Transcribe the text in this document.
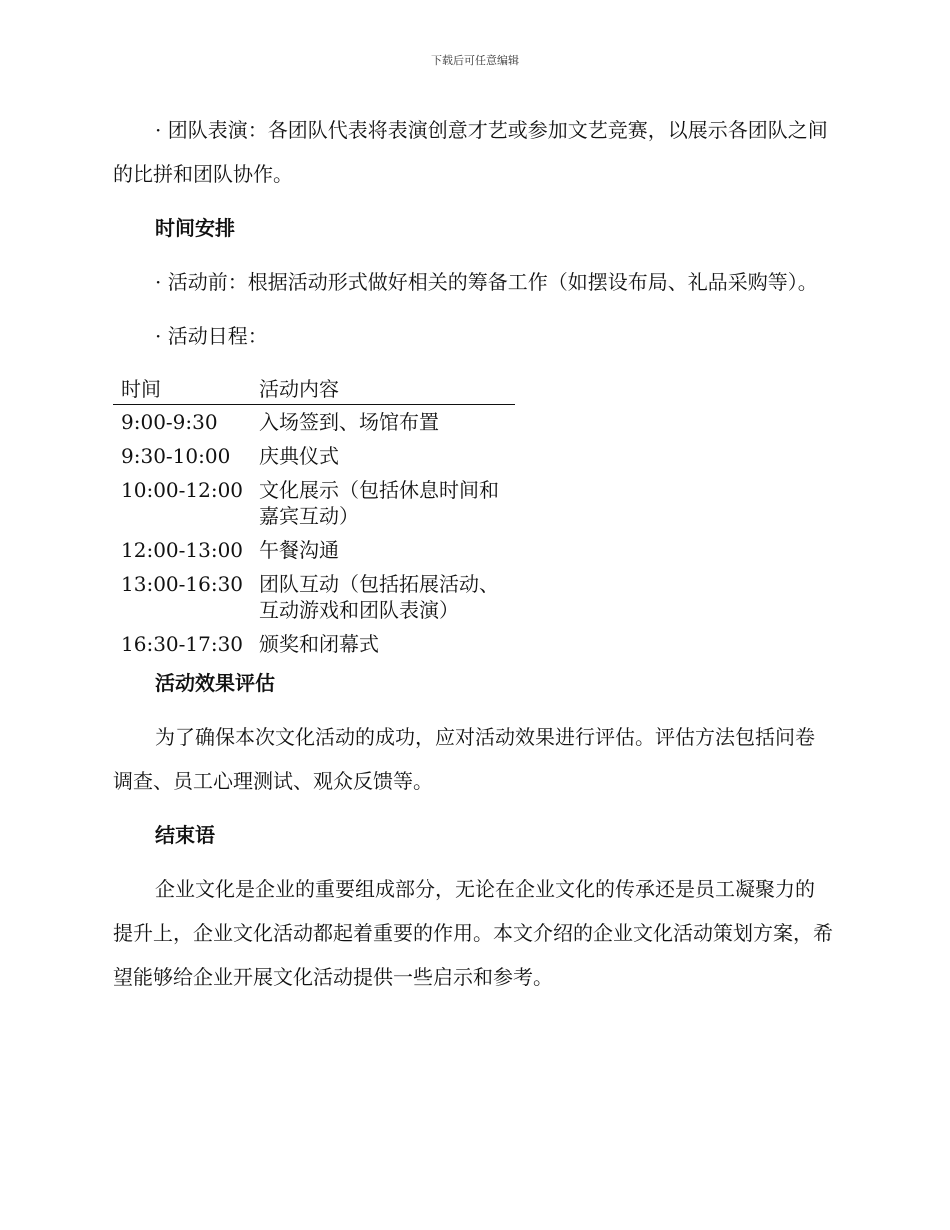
下载后可任意编辑

· 团队表演：各团队代表将表演创意才艺或参加文艺竞赛，以展示各团队之间的比拼和团队协作。

时间安排

· 活动前：根据活动形式做好相关的筹备工作（如摆设布局、礼品采购等）。

· 活动日程：

时间	活动内容
9:00-9:30	入场签到、场馆布置
9:30-10:00	庆典仪式
10:00-12:00	文化展示（包括休息时间和嘉宾互动）
12:00-13:00	午餐沟通
13:00-16:30	团队互动（包括拓展活动、互动游戏和团队表演）
16:30-17:30	颁奖和闭幕式
活动效果评估

为了确保本次文化活动的成功，应对活动效果进行评估。评估方法包括问卷调查、员工心理测试、观众反馈等。

结束语

企业文化是企业的重要组成部分，无论在企业文化的传承还是员工凝聚力的提升上，企业文化活动都起着重要的作用。本文介绍的企业文化活动策划方案，希望能够给企业开展文化活动提供一些启示和参考。
